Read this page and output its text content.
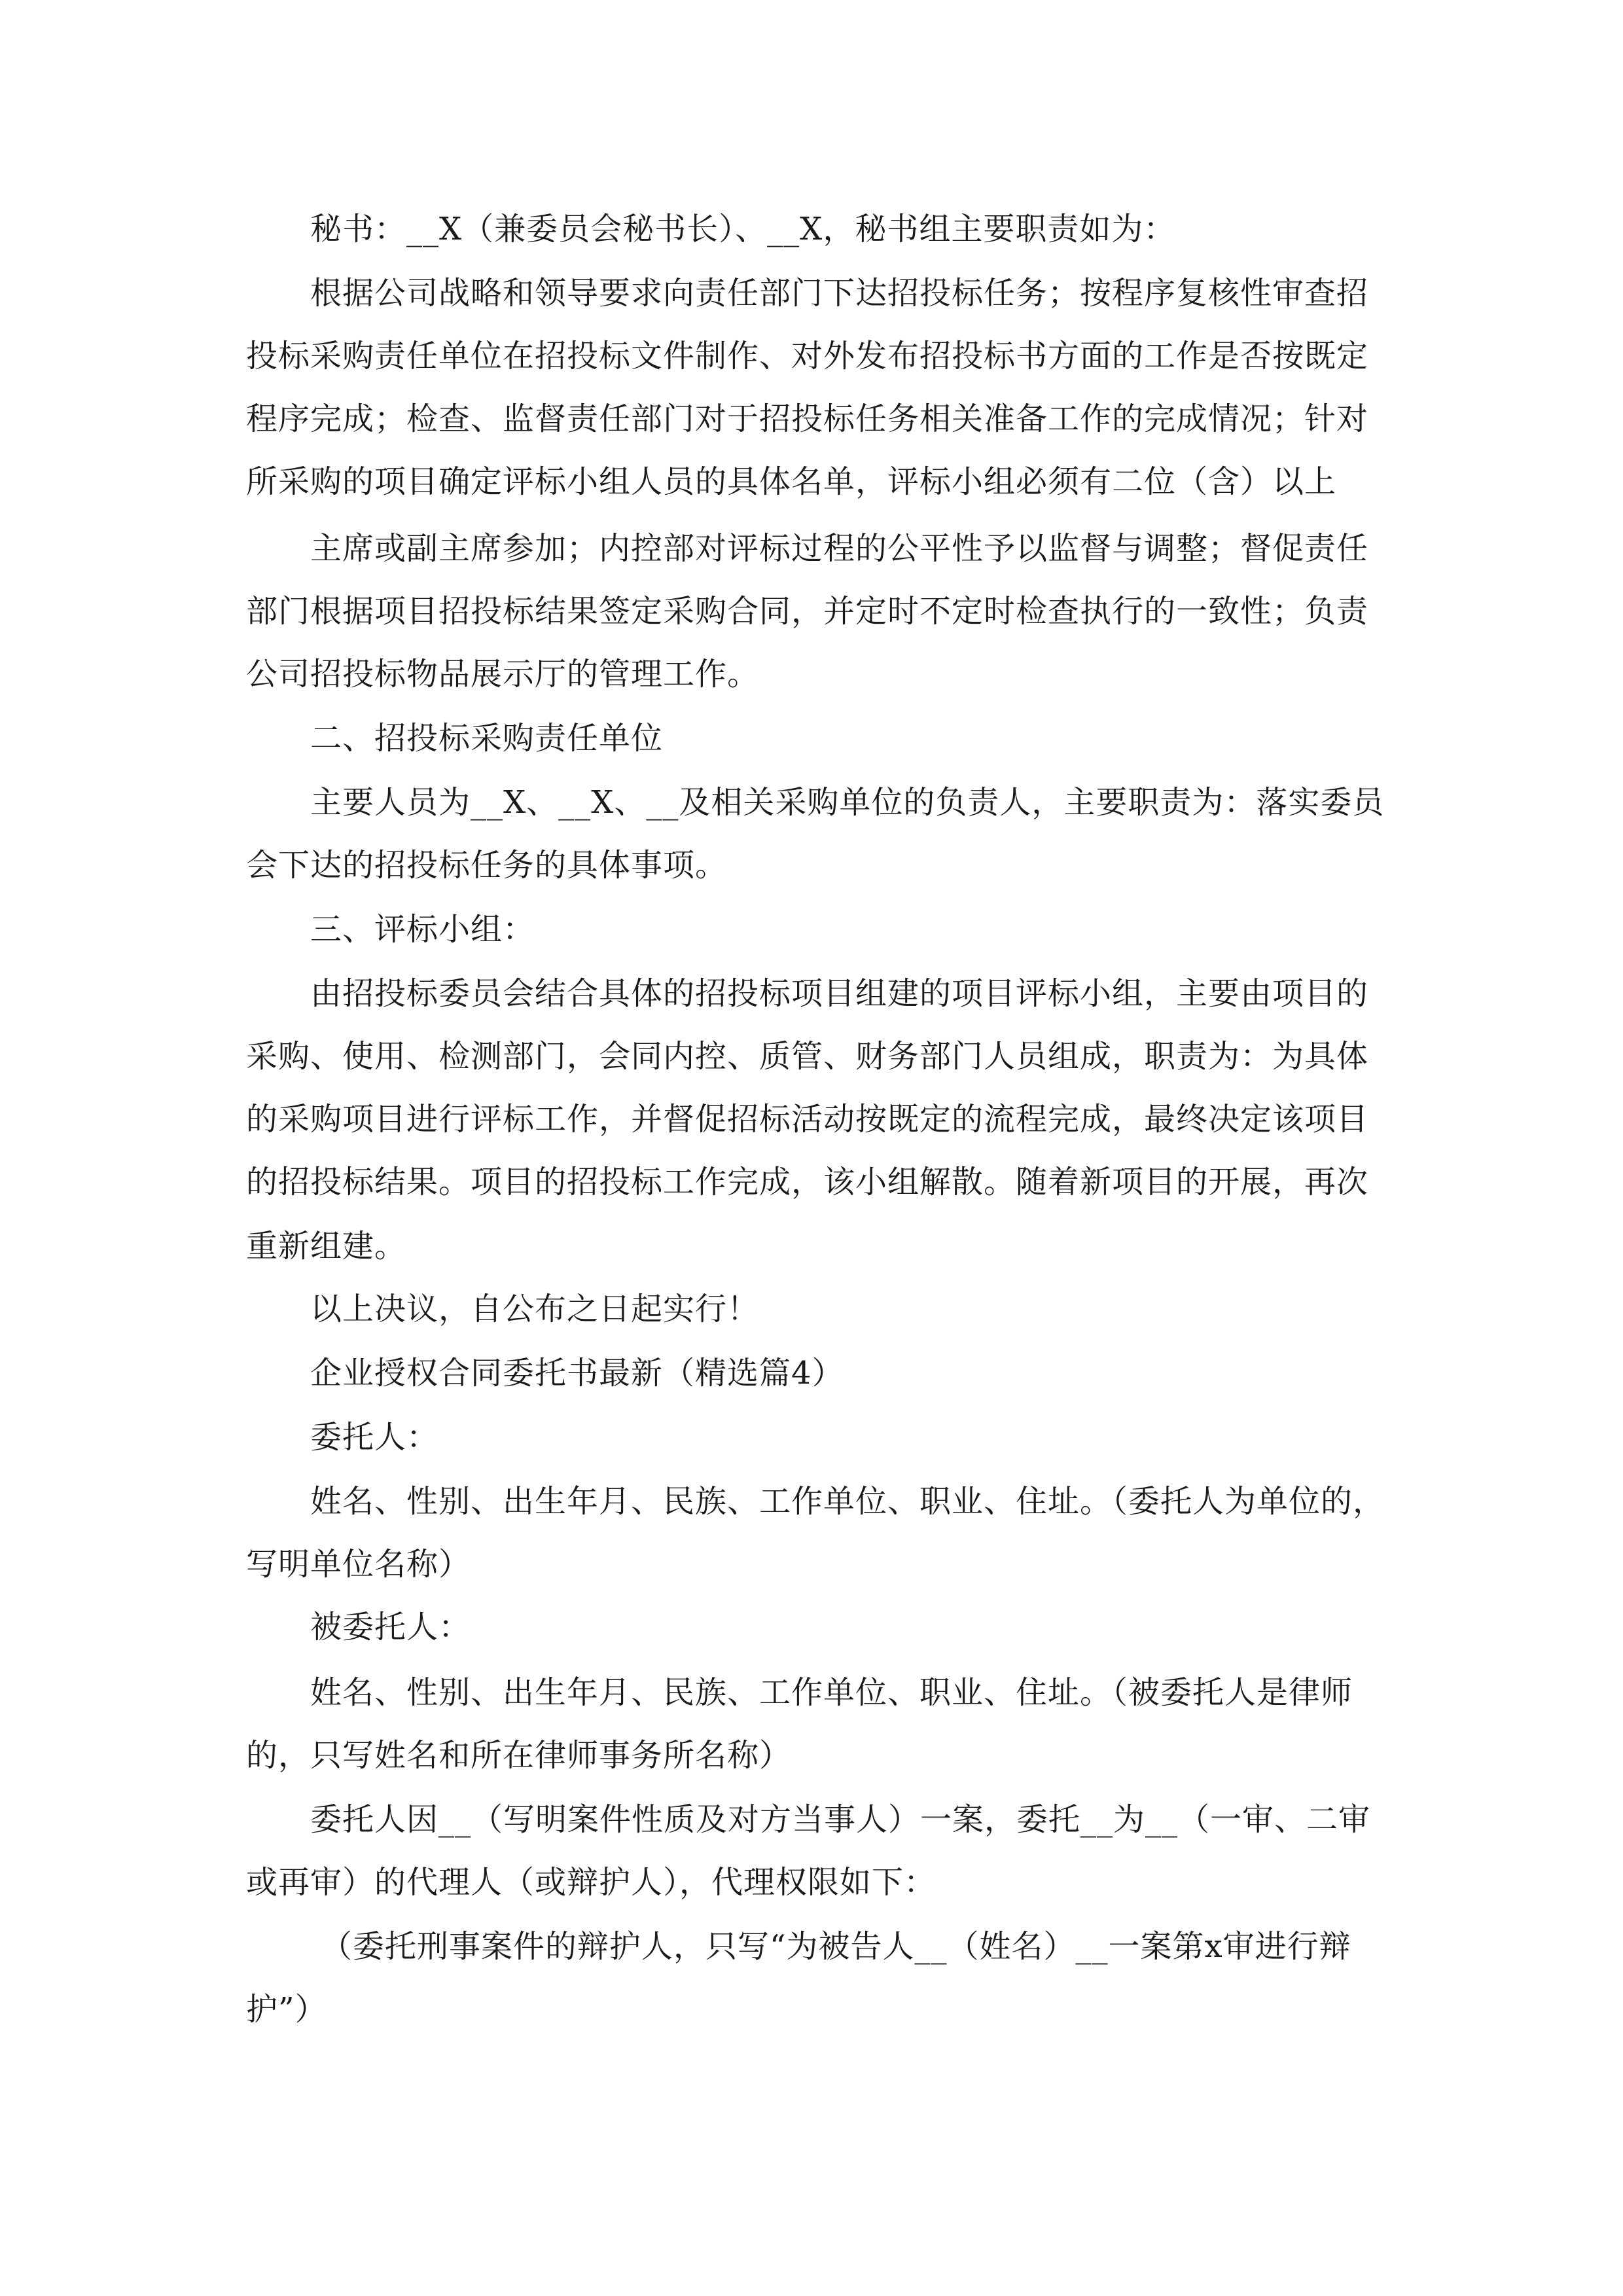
秘书：__X（兼委员会秘书长）、__X，秘书组主要职责如为：
根据公司战略和领导要求向责任部门下达招投标任务；按程序复核性审查招
投标采购责任单位在招投标文件制作、对外发布招投标书方面的工作是否按既定
程序完成；检查、监督责任部门对于招投标任务相关准备工作的完成情况；针对
所采购的项目确定评标小组人员的具体名单，评标小组必须有二位（含）以上
主席或副主席参加；内控部对评标过程的公平性予以监督与调整；督促责任
部门根据项目招投标结果签定采购合同，并定时不定时检查执行的一致性；负责
公司招投标物品展示厅的管理工作。
二、招投标采购责任单位
主要人员为__X、__X、__及相关采购单位的负责人，主要职责为：落实委员
会下达的招投标任务的具体事项。
三、评标小组：
由招投标委员会结合具体的招投标项目组建的项目评标小组，主要由项目的
采购、使用、检测部门，会同内控、质管、财务部门人员组成，职责为：为具体
的采购项目进行评标工作，并督促招标活动按既定的流程完成，最终决定该项目
的招投标结果。项目的招投标工作完成，该小组解散。随着新项目的开展，再次
重新组建。
以上决议，自公布之日起实行！
企业授权合同委托书最新（精选篇4）
委托人：
姓名、性别、出生年月、民族、工作单位、职业、住址。（委托人为单位的，
写明单位名称）
被委托人：
姓名、性别、出生年月、民族、工作单位、职业、住址。（被委托人是律师
的，只写姓名和所在律师事务所名称）
委托人因__（写明案件性质及对方当事人）一案，委托__为__（一审、二审
或再审）的代理人（或辩护人），代理权限如下：
（委托刑事案件的辩护人，只写“为被告人__（姓名）__一案第x审进行辩
护”）
